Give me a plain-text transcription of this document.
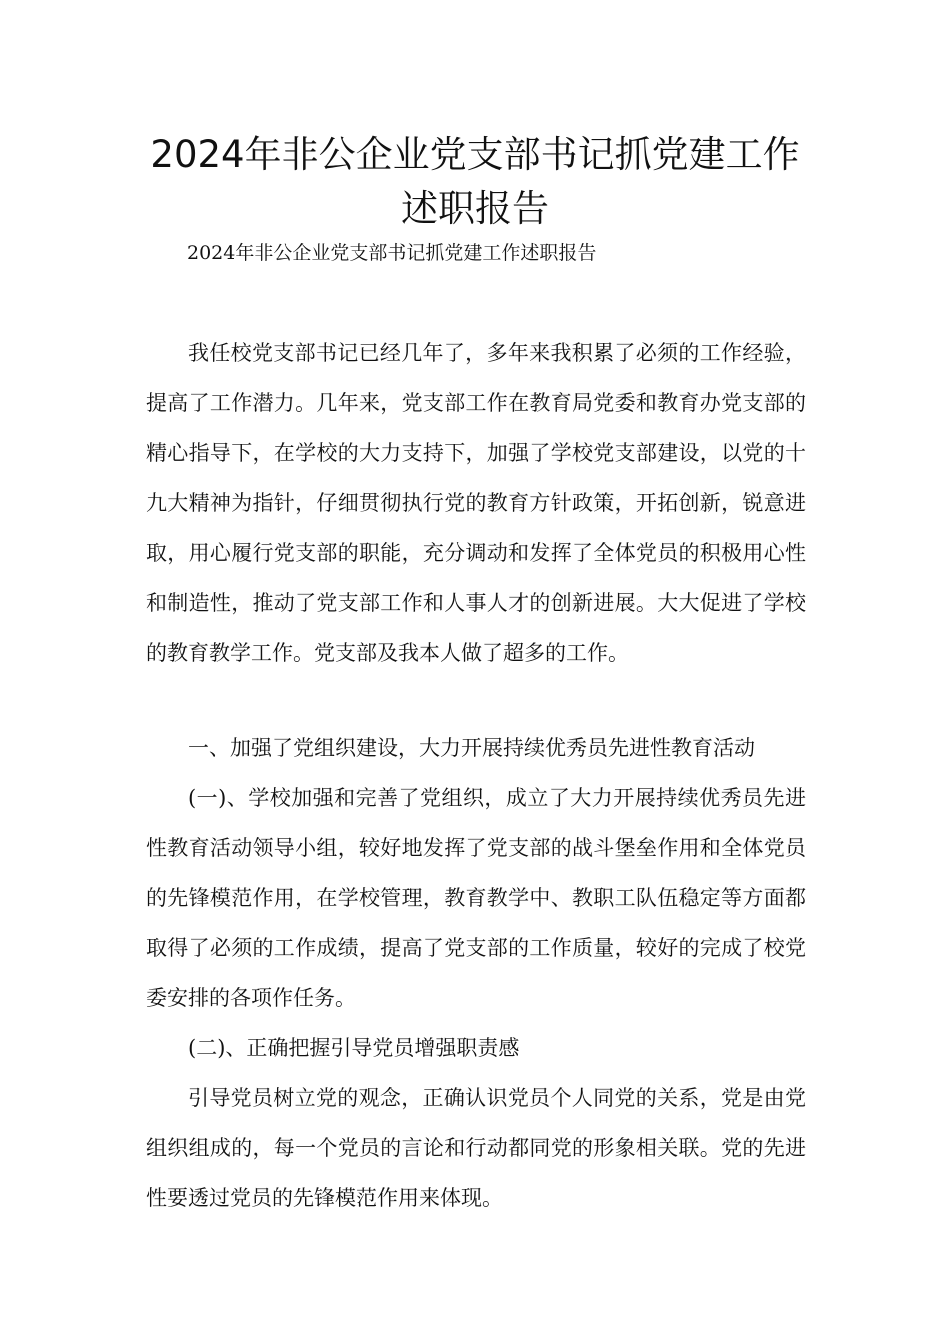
2024年非公企业党支部书记抓党建工作
述职报告

2024年非公企业党支部书记抓党建工作述职报告

我任校党支部书记已经几年了，多年来我积累了必须的工作经验，提高了工作潜力。几年来，党支部工作在教育局党委和教育办党支部的精心指导下，在学校的大力支持下，加强了学校党支部建设，以党的十九大精神为指针，仔细贯彻执行党的教育方针政策，开拓创新，锐意进取，用心履行党支部的职能，充分调动和发挥了全体党员的积极用心性和制造性，推动了党支部工作和人事人才的创新进展。大大促进了学校的教育教学工作。党支部及我本人做了超多的工作。

一、加强了党组织建设，大力开展持续优秀员先进性教育活动

(一)、学校加强和完善了党组织，成立了大力开展持续优秀员先进性教育活动领导小组，较好地发挥了党支部的战斗堡垒作用和全体党员的先锋模范作用，在学校管理，教育教学中、教职工队伍稳定等方面都取得了必须的工作成绩，提高了党支部的工作质量，较好的完成了校党委安排的各项作任务。

(二)、正确把握引导党员增强职责感

引导党员树立党的观念，正确认识党员个人同党的关系，党是由党组织组成的，每一个党员的言论和行动都同党的形象相关联。党的先进性要透过党员的先锋模范作用来体现。
